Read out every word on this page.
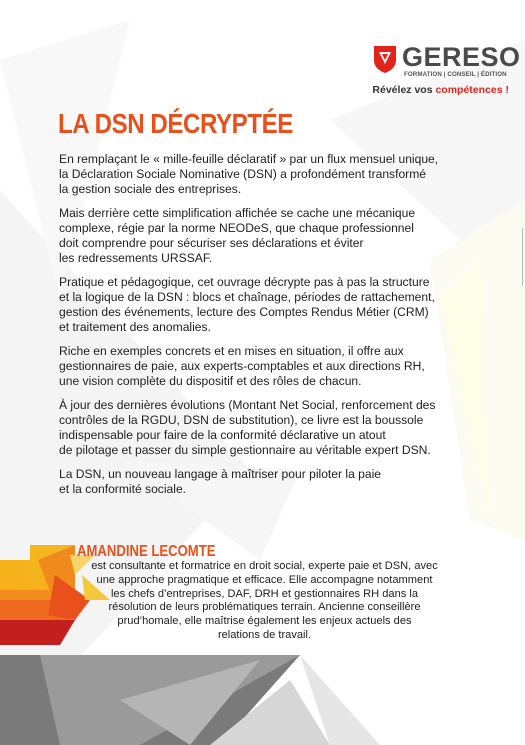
GERESO
FORMATION | CONSEIL | ÉDITION
Révélez vos compétences !
LA DSN DÉCRYPTÉE

En remplaçant le « mille-feuille déclaratif » par un flux mensuel unique,
la Déclaration Sociale Nominative (DSN) a profondément transformé
la gestion sociale des entreprises.

Mais derrière cette simplification affichée se cache une mécanique
complexe, régie par la norme NEODeS, que chaque professionnel
doit comprendre pour sécuriser ses déclarations et éviter
les redressements URSSAF.

Pratique et pédagogique, cet ouvrage décrypte pas à pas la structure
et la logique de la DSN : blocs et chaînage, périodes de rattachement,
gestion des événements, lecture des Comptes Rendus Métier (CRM)
et traitement des anomalies.

Riche en exemples concrets et en mises en situation, il offre aux
gestionnaires de paie, aux experts-comptables et aux directions RH,
une vision complète du dispositif et des rôles de chacun.

À jour des dernières évolutions (Montant Net Social, renforcement des
contrôles de la RGDU, DSN de substitution), ce livre est la boussole
indispensable pour faire de la conformité déclarative un atout
de pilotage et passer du simple gestionnaire au véritable expert DSN.

La DSN, un nouveau langage à maîtriser pour piloter la paie
et la conformité sociale.

AMANDINE LECOMTE
est consultante et formatrice en droit social, experte paie et DSN, avec
une approche pragmatique et efficace. Elle accompagne notamment
les chefs d’entreprises, DAF, DRH et gestionnaires RH dans la
résolution de leurs problématiques terrain. Ancienne conseillère
prud’homale, elle maîtrise également les enjeux actuels des
relations de travail.
